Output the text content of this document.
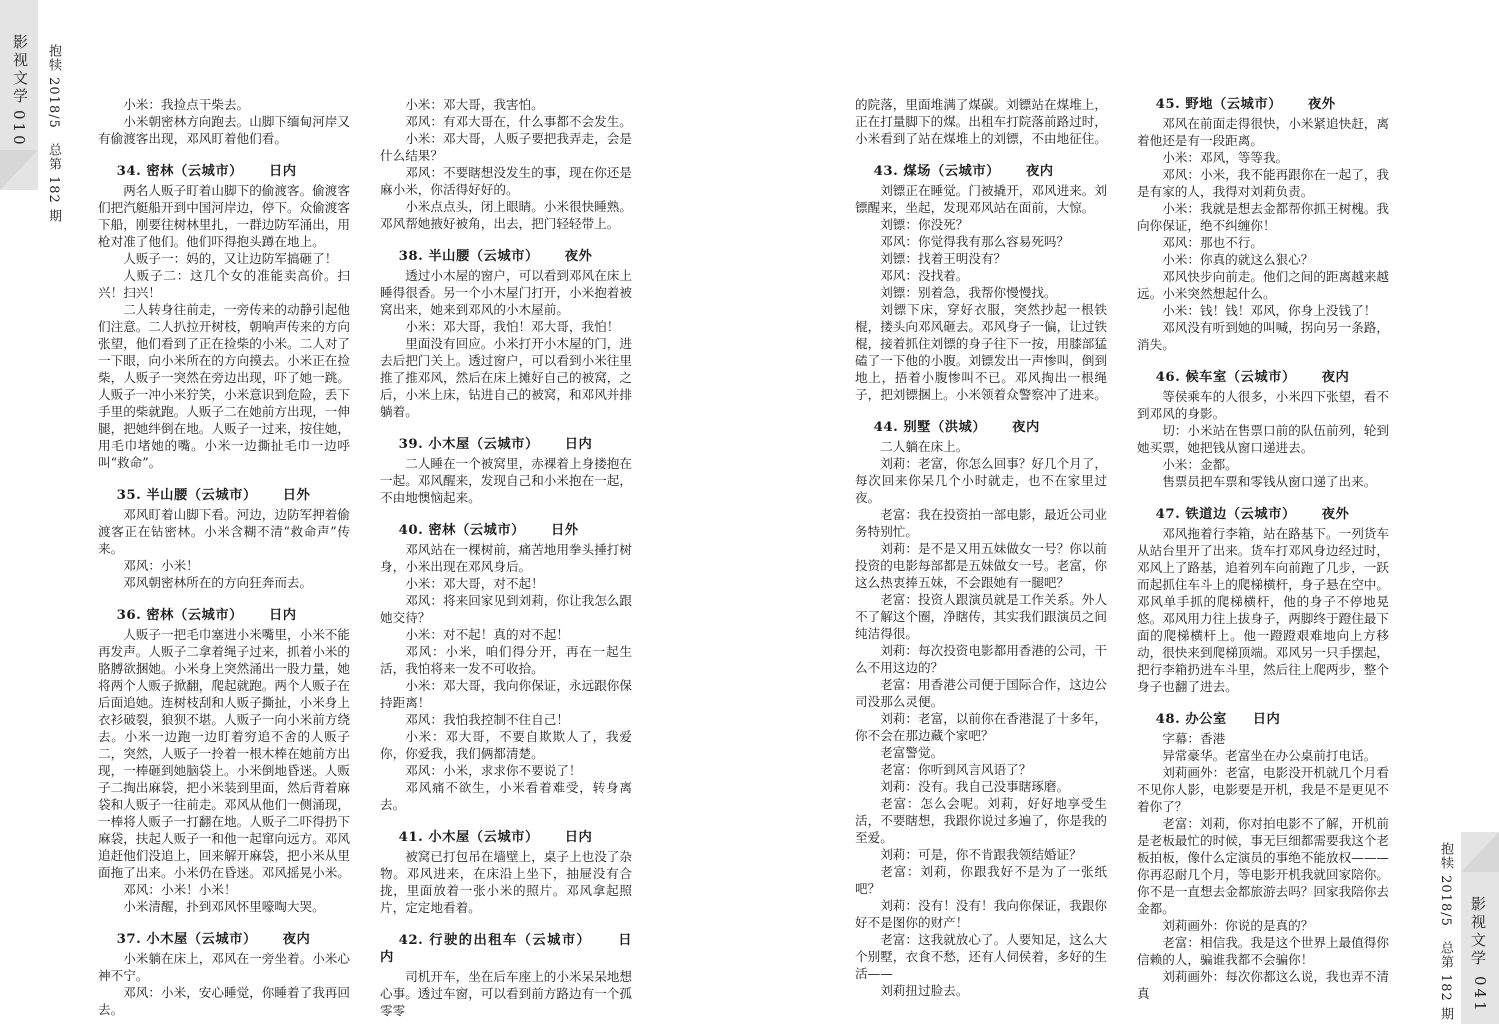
影视文学
010 抱犊 2018/5　总第 182 期
抱犊 2018/5　总第 182 期 影视文学
041

小米：我捡点干柴去。

小米朝密林方向跑去。山脚下缅甸河岸又有偷渡客出现，邓风盯着他们看。

34. 密林（云城市） 日内

两名人贩子盯着山脚下的偷渡客。偷渡客们把汽艇船开到中国河岸边，停下。众偷渡客下船，刚要往树林里扎，一群边防军涌出，用枪对准了他们。他们吓得抱头蹲在地上。

人贩子一：妈的，又让边防军搞砸了！

人贩子二：这几个女的准能卖高价。扫兴！扫兴！

二人转身往前走，一旁传来的动静引起他们注意。二人扒拉开树枝，朝响声传来的方向张望，他们看到了正在捡柴的小米。二人对了一下眼，向小米所在的方向摸去。小米正在捡柴，人贩子一突然在旁边出现，吓了她一跳。人贩子一冲小米狞笑，小米意识到危险，丢下手里的柴就跑。人贩子二在她前方出现，一伸腿，把她绊倒在地。人贩子一过来，按住她，用毛巾堵她的嘴。小米一边撕扯毛巾一边呼叫“救命”。

35. 半山腰（云城市） 日外

邓风盯着山脚下看。河边，边防军押着偷渡客正在钻密林。小米含糊不清“救命声”传来。

邓风：小米！

邓风朝密林所在的方向狂奔而去。

36. 密林（云城市） 日内

人贩子一把毛巾塞进小米嘴里，小米不能再发声。人贩子二拿着绳子过来，抓着小米的胳膊欲捆她。小米身上突然涌出一股力量，她将两个人贩子掀翻，爬起就跑。两个人贩子在后面追她。连树枝刮和人贩子撕扯，小米身上衣衫破裂，狼狈不堪。人贩子一向小米前方绕去。小米一边跑一边盯着穷追不舍的人贩子二，突然，人贩子一拎着一根木棒在她前方出现，一棒砸到她脑袋上。小米倒地昏迷。人贩子二掏出麻袋，把小米装到里面，然后背着麻袋和人贩子一往前走。邓风从他们一侧涌现，一棒将人贩子一打翻在地。人贩子二吓得扔下麻袋，扶起人贩子一和他一起窜向远方。邓风追赶他们没追上，回来解开麻袋，把小米从里面拖了出来。小米仍在昏迷。邓风摇晃小米。

邓风：小米！小米！

小米清醒，扑到邓风怀里嚎啕大哭。

37. 小木屋（云城市） 夜内

小米躺在床上，邓风在一旁坐着。小米心神不宁。

邓风：小米，安心睡觉，你睡着了我再回去。

小米：邓大哥，我害怕。

邓风：有邓大哥在，什么事都不会发生。

小米：邓大哥，人贩子要把我弄走，会是什么结果？

邓风：不要瞎想没发生的事，现在你还是麻小米，你活得好好的。

小米点点头，闭上眼睛。小米很快睡熟。邓风帮她掖好被角，出去，把门轻轻带上。

38. 半山腰（云城市） 夜外

透过小木屋的窗户，可以看到邓风在床上睡得很香。另一个小木屋门打开，小米抱着被窝出来，她来到邓风的小木屋前。

小米：邓大哥，我怕！邓大哥，我怕！

里面没有回应。小米打开小木屋的门，进去后把门关上。透过窗户，可以看到小米往里推了推邓风，然后在床上摊好自己的被窝，之后，小米上床，钻进自己的被窝，和邓风并排躺着。

39. 小木屋（云城市） 日内

二人睡在一个被窝里，赤裸着上身搂抱在一起。邓风醒来，发现自己和小米抱在一起，不由地懊恼起来。

40. 密林（云城市） 日外

邓风站在一棵树前，痛苦地用拳头捶打树身，小米出现在邓风身后。

小米：邓大哥，对不起！

邓风：将来回家见到刘莉，你让我怎么跟她交待？

小米：对不起！真的对不起！

邓风：小米，咱们得分开，再在一起生活，我怕将来一发不可收拾。

小米：邓大哥，我向你保证，永远跟你保持距离！

邓风：我怕我控制不住自己！

小米：邓大哥，不要自欺欺人了，我爱你，你爱我，我们俩都清楚。

邓风：小米，求求你不要说了！

邓风痛不欲生，小米看着难受，转身离去。

41. 小木屋（云城市） 日内

被窝已打包吊在墙壁上，桌子上也没了杂物。邓风进来，在床沿上坐下，抽屉没有合拢，里面放着一张小米的照片。邓风拿起照片，定定地看着。

42. 行驶的出租车（云城市） 日内

司机开车，坐在后车座上的小米呆呆地想心事。透过车窗，可以看到前方路边有一个孤零零

的院落，里面堆满了煤碳。刘镖站在煤堆上，正在打量脚下的煤。出租车打院落前路过时，小米看到了站在煤堆上的刘镖，不由地征住。

43. 煤场（云城市） 夜内

刘镖正在睡觉。门被撬开，邓风进来。刘镖醒来，坐起，发现邓风站在面前，大惊。

刘镖：你没死？

邓风：你觉得我有那么容易死吗？

刘镖：找着王明没有？

邓风：没找着。

刘镖：别着急，我帮你慢慢找。

刘镖下床，穿好衣服，突然抄起一根铁棍，搂头向邓风砸去。邓风身子一偏，让过铁棍，接着抓住刘镖的身子往下一按，用膝部猛磕了一下他的小腹。刘镖发出一声惨叫，倒到地上，捂着小腹惨叫不已。邓风掏出一根绳子，把刘镖捆上。小米领着众警察冲了进来。

44. 别墅（洪城） 夜内

二人躺在床上。

刘莉：老富，你怎么回事？好几个月了，每次回来你呆几个小时就走，也不在家里过夜。

老富：我在投资拍一部电影，最近公司业务特别忙。

刘莉：是不是又用五妹做女一号？你以前投资的电影每部都是五妹做女一号。老富，你这么热衷捧五妹，不会跟她有一腿吧？

老富：投资人跟演员就是工作关系。外人不了解这个圈，净瞎传，其实我们跟演员之间纯洁得很。

刘莉：每次投资电影都用香港的公司，干么不用这边的？

老富：用香港公司便于国际合作，这边公司没那么灵便。

刘莉：老富，以前你在香港混了十多年，你不会在那边藏个家吧？

老富警觉。

老富：你听到风言风语了？

刘莉：没有。我自己没事瞎琢磨。

老富：怎么会呢。刘莉，好好地享受生活，不要瞎想，我跟你说过多遍了，你是我的至爱。

刘莉：可是，你不肯跟我领结婚证？

老富：刘莉，你跟我好不是为了一张纸吧？

刘莉：没有！没有！我向你保证，我跟你好不是图你的财产！

老富：这我就放心了。人要知足，这么大个别墅，衣食不愁，还有人伺侯着，多好的生活——

刘莉扭过脸去。

45. 野地（云城市） 夜外

邓风在前面走得很快，小米紧追快赶，离着他还是有一段距离。

小米：邓风，等等我。

邓风：小米，我不能再跟你在一起了，我是有家的人，我得对刘莉负责。

小米：我就是想去金都帮你抓王树槐。我向你保证，绝不纠缠你！

邓风：那也不行。

小米：你真的就这么狠心？

邓风快步向前走。他们之间的距离越来越远。小米突然想起什么。

小米：钱！钱！邓风，你身上没钱了！

邓风没有听到她的叫喊，拐向另一条路，消失。

46. 候车室（云城市） 夜内

等侯乘车的人很多，小米四下张望，看不到邓风的身影。

切：小米站在售票口前的队伍前列，轮到她买票，她把钱从窗口递进去。

小米：金都。

售票员把车票和零钱从窗口递了出来。

47. 铁道边（云城市） 夜外

邓风拖着行李箱，站在路基下。一列货车从站台里开了出来。货车打邓风身边经过时，邓风上了路基，追着列车向前跑了几步，一跃而起抓住车斗上的爬梯横杆，身子悬在空中。邓风单手抓的爬梯横杆，他的身子不停地晃悠。邓风用力往上拔身子，两脚终于蹬住最下面的爬梯横杆上。他一蹬蹬艰难地向上方移动，很快来到爬梯顶端。邓风另一只手摆起，把行李箱扔进车斗里，然后往上爬两步，整个身子也翻了进去。

48. 办公室 日内

字幕：香港

异常豪华。老富坐在办公桌前打电话。

刘莉画外：老富，电影没开机就几个月看不见你人影，电影要是开机，我是不是更见不着你了？

老富：刘莉，你对拍电影不了解，开机前是老板最忙的时候，事无巨细都需要我这个老板拍板，像什么定演员的事绝不能放权———你再忍耐几个月，等电影开机我就回家陪你。你不是一直想去金都旅游去吗？回家我陪你去金都。

刘莉画外：你说的是真的？

老富：相信我。我是这个世界上最值得你信赖的人，骗谁我都不会骗你！

刘莉画外：每次你都这么说，我也弄不清真
